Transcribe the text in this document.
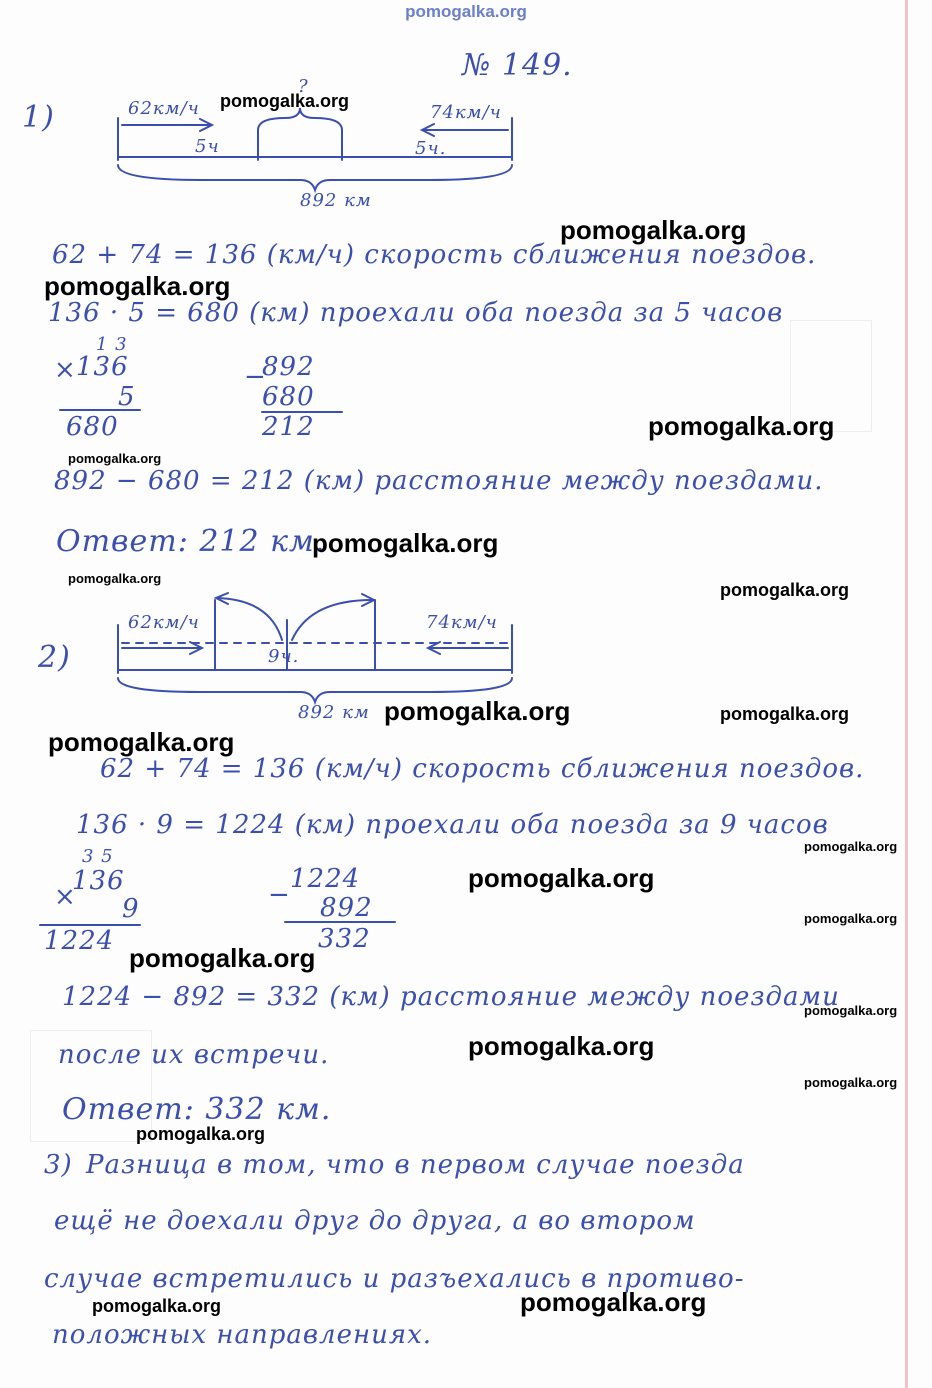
pomogalka.org
№ 149.
1)	62км/ч	74км/ч
?
5ч	5ч.
892 км
62 + 74 = 136 (км/ч) скорость сближения поездов.
136 · 5 = 680 (км) проехали оба поезда за 5 часов
1 3
× 136
5
680
−
892
680
212
892 − 680 = 212 (км) расстояние между поездами.
Ответ: 212 км.
2)
62км/ч	74км/ч
9ч.
892 км
62 + 74 = 136 (км/ч) скорость сближения поездов.
136 · 9 = 1224 (км) проехали оба поезда за 9 часов
3 5
×
136
9
1224
−
1224
892
332
1224 − 892 = 332 (км) расстояние между поездами
после их встречи.
Ответ: 332 км.
3) Разница в том, что в первом случае поезда
ещё не доехали друг до друга, а во втором
случае встретились и разъехались в противо-
положных направлениях.
pomogalka.org
pomogalka.org
pomogalka.org
pomogalka.org
pomogalka.org
pomogalka.org
pomogalka.org
pomogalka.org
pomogalka.org	pomogalka.org
pomogalka.org
pomogalka.org
pomogalka.org
pomogalka.org
pomogalka.org
pomogalka.org
pomogalka.org
pomogalka.org
pomogalka.org
pomogalka.org	pomogalka.org
